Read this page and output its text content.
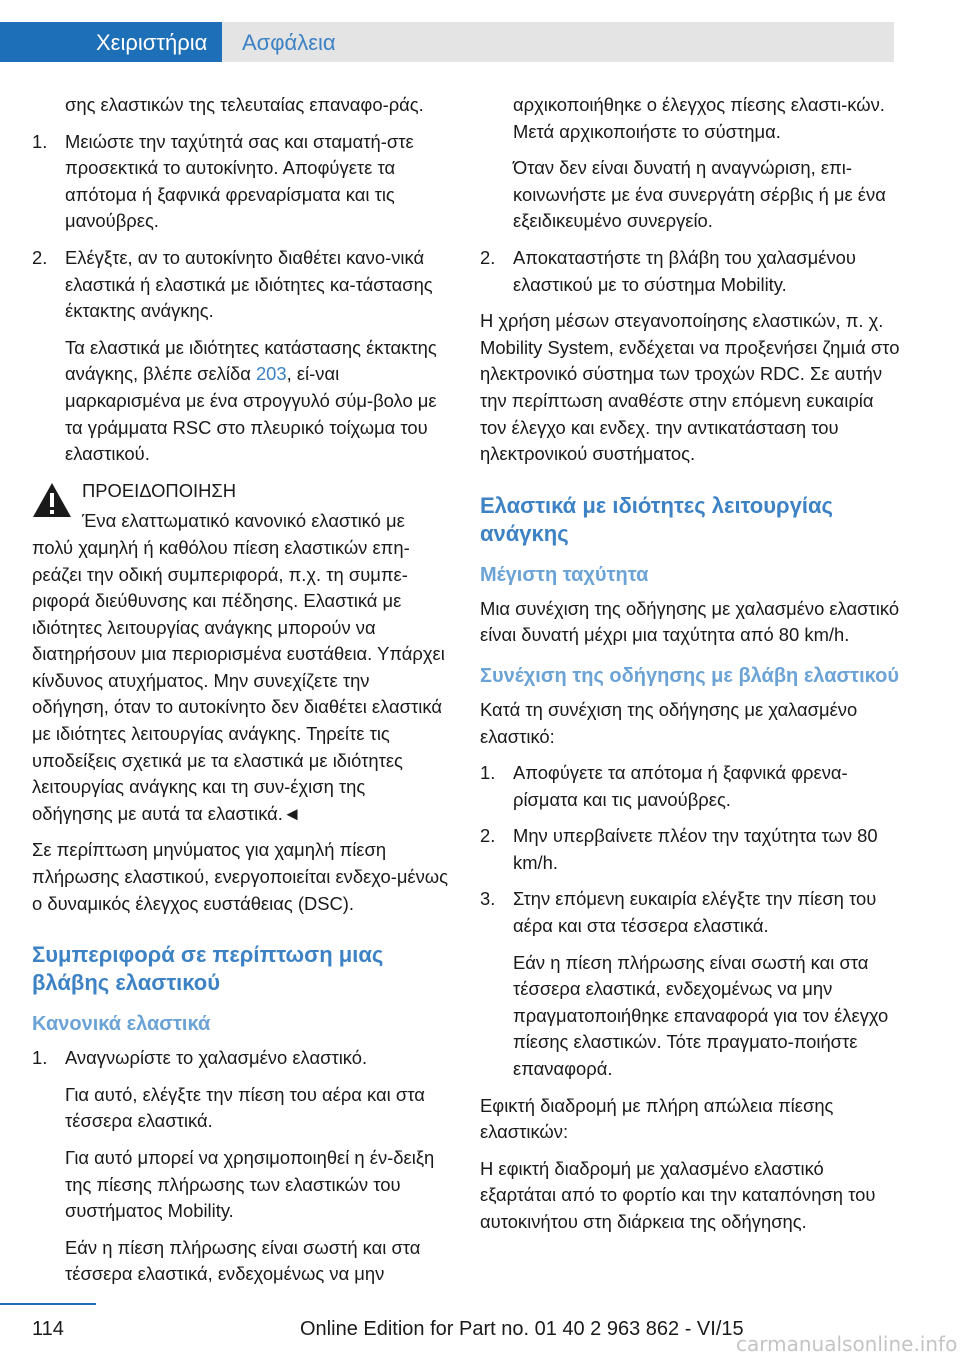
Χειριστήρια Ασφάλεια
σης ελαστικών της τελευταίας επαναφο-ράς.
1. Μειώστε την ταχύτητά σας και σταματή-στε προσεκτικά το αυτοκίνητο. Αποφύγετε τα απότομα ή ξαφνικά φρεναρίσματα και τις μανούβρες.
2. Ελέγξτε, αν το αυτοκίνητο διαθέτει κανο-νικά ελαστικά ή ελαστικά με ιδιότητες κα-τάστασης έκτακτης ανάγκης.
Τα ελαστικά με ιδιότητες κατάστασης έκτακτης ανάγκης, βλέπε σελίδα 203, εί-ναι μαρκαρισμένα με ένα στρογγυλό σύμ-βολο με τα γράμματα RSC στο πλευρικό τοίχωμα του ελαστικού.
ΠΡΟΕΙΔΟΠΟΙΗΣΗ
Ένα ελαττωματικό κανονικό ελαστικό με
πολύ χαμηλή ή καθόλου πίεση ελαστικών επη-ρεάζει την οδική συμπεριφορά, π.χ. τη συμπε-ριφορά διεύθυνσης και πέδησης. Ελαστικά με ιδιότητες λειτουργίας ανάγκης μπορούν να διατηρήσουν μια περιορισμένα ευστάθεια. Υπάρχει κίνδυνος ατυχήματος. Μην συνεχίζετε την οδήγηση, όταν το αυτοκίνητο δεν διαθέτει ελαστικά με ιδιότητες λειτουργίας ανάγκης. Τηρείτε τις υποδείξεις σχετικά με τα ελαστικά με ιδιότητες λειτουργίας ανάγκης και τη συν-έχιση της οδήγησης με αυτά τα ελαστικά.◄
Σε περίπτωση μηνύματος για χαμηλή πίεση πλήρωσης ελαστικού, ενεργοποιείται ενδεχο-μένως ο δυναμικός έλεγχος ευστάθειας (DSC).
Συμπεριφορά σε περίπτωση μιας βλάβης ελαστικού
Κανονικά ελαστικά
1. Αναγνωρίστε το χαλασμένο ελαστικό.
Για αυτό, ελέγξτε την πίεση του αέρα και στα τέσσερα ελαστικά.
Για αυτό μπορεί να χρησιμοποιηθεί η έν-δειξη της πίεσης πλήρωσης των ελαστικών του συστήματος Mobility.
Εάν η πίεση πλήρωσης είναι σωστή και στα τέσσερα ελαστικά, ενδεχομένως να μην
αρχικοποιήθηκε ο έλεγχος πίεσης ελαστι-κών. Μετά αρχικοποιήστε το σύστημα.
Όταν δεν είναι δυνατή η αναγνώριση, επι-κοινωνήστε με ένα συνεργάτη σέρβις ή με ένα εξειδικευμένο συνεργείο.
2. Αποκαταστήστε τη βλάβη του χαλασμένου ελαστικού με το σύστημα Mobility.
Η χρήση μέσων στεγανοποίησης ελαστικών, π. χ. Mobility System, ενδέχεται να προξενήσει ζημιά στο ηλεκτρονικό σύστημα των τροχών RDC. Σε αυτήν την περίπτωση αναθέστε στην επόμενη ευκαιρία τον έλεγχο και ενδεχ. την αντικατάσταση του ηλεκτρονικού συστήματος.
Ελαστικά με ιδιότητες λειτουργίας ανάγκης
Μέγιστη ταχύτητα
Μια συνέχιση της οδήγησης με χαλασμένο ελαστικό είναι δυνατή μέχρι μια ταχύτητα από 80 km/h.
Συνέχιση της οδήγησης με βλάβη ελαστικού
Κατά τη συνέχιση της οδήγησης με χαλασμένο ελαστικό:
1. Αποφύγετε τα απότομα ή ξαφνικά φρενα-ρίσματα και τις μανούβρες.
2. Μην υπερβαίνετε πλέον την ταχύτητα των 80 km/h.
3. Στην επόμενη ευκαιρία ελέγξτε την πίεση του αέρα και στα τέσσερα ελαστικά.
Εάν η πίεση πλήρωσης είναι σωστή και στα τέσσερα ελαστικά, ενδεχομένως να μην πραγματοποιήθηκε επαναφορά για τον έλεγχο πίεσης ελαστικών. Τότε πραγματο-ποιήστε επαναφορά.
Εφικτή διαδρομή με πλήρη απώλεια πίεσης ελαστικών:
Η εφικτή διαδρομή με χαλασμένο ελαστικό εξαρτάται από το φορτίο και την καταπόνηση του αυτοκινήτου στη διάρκεια της οδήγησης.
114	Online Edition for Part no. 01 40 2 963 862 - VI/15
carmanualsonline.info
